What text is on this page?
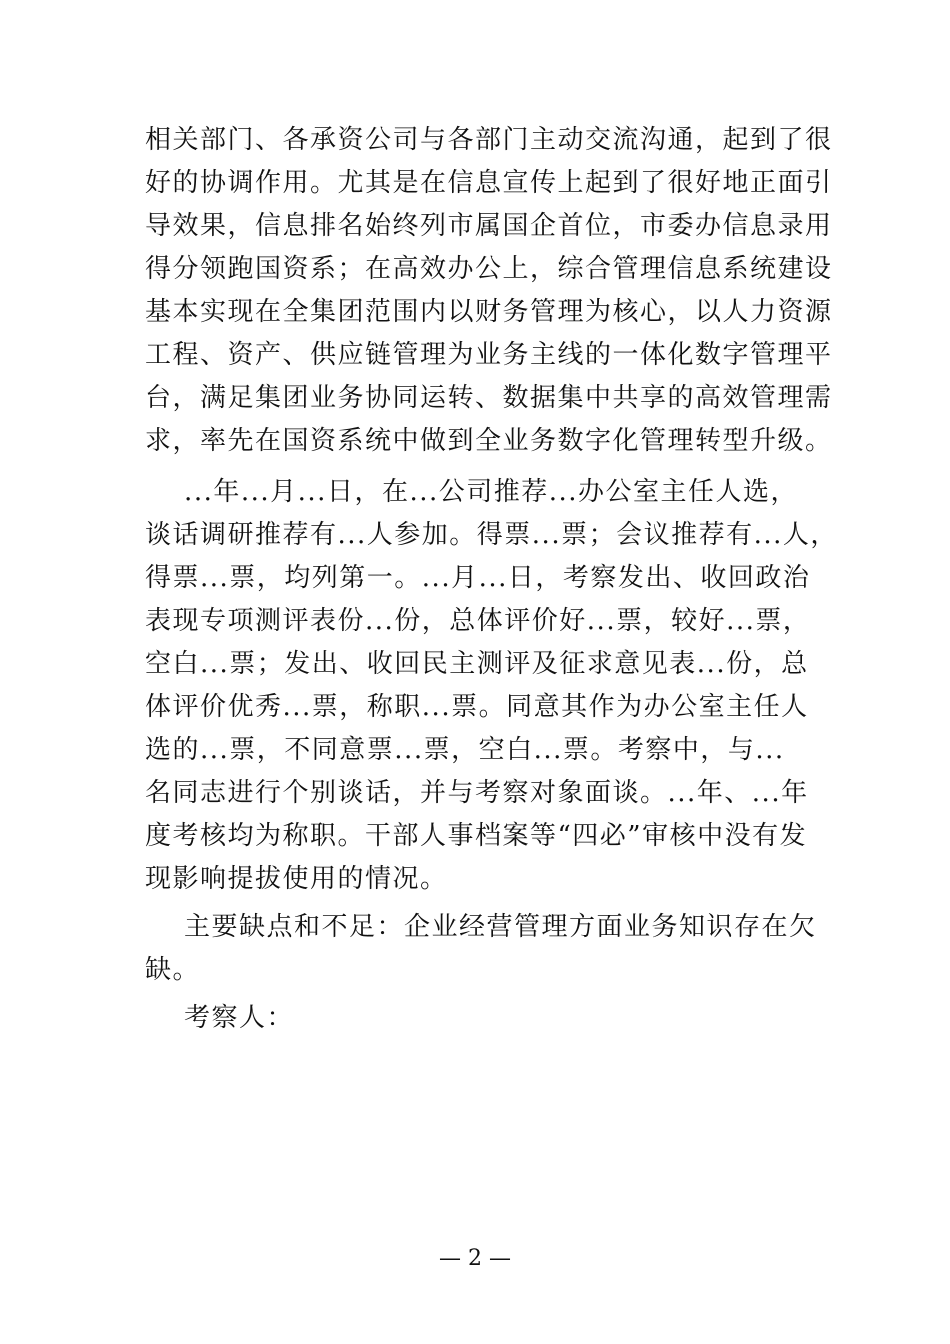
相关部门、各承资公司与各部门主动交流沟通，起到了很
好的协调作用。尤其是在信息宣传上起到了很好地正面引
导效果，信息排名始终列市属国企首位，市委办信息录用
得分领跑国资系；在高效办公上，综合管理信息系统建设
基本实现在全集团范围内以财务管理为核心，以人力资源
工程、资产、供应链管理为业务主线的一体化数字管理平
台，满足集团业务协同运转、数据集中共享的高效管理需
求，率先在国资系统中做到全业务数字化管理转型升级。
...年...月...日，在...公司推荐...办公室主任人选，
谈话调研推荐有...人参加。得票...票；会议推荐有...人，
得票...票，均列第一。...月...日，考察发出、收回政治
表现专项测评表份...份，总体评价好...票，较好...票，
空白...票；发出、收回民主测评及征求意见表...份，总
体评价优秀...票，称职...票。同意其作为办公室主任人
选的...票，不同意票...票，空白...票。考察中，与...
名同志进行个别谈话，并与考察对象面谈。...年、...年
度考核均为称职。干部人事档案等“四必”审核中没有发
现影响提拔使用的情况。
主要缺点和不足：企业经营管理方面业务知识存在欠
缺。
考察人：
— 2 —
